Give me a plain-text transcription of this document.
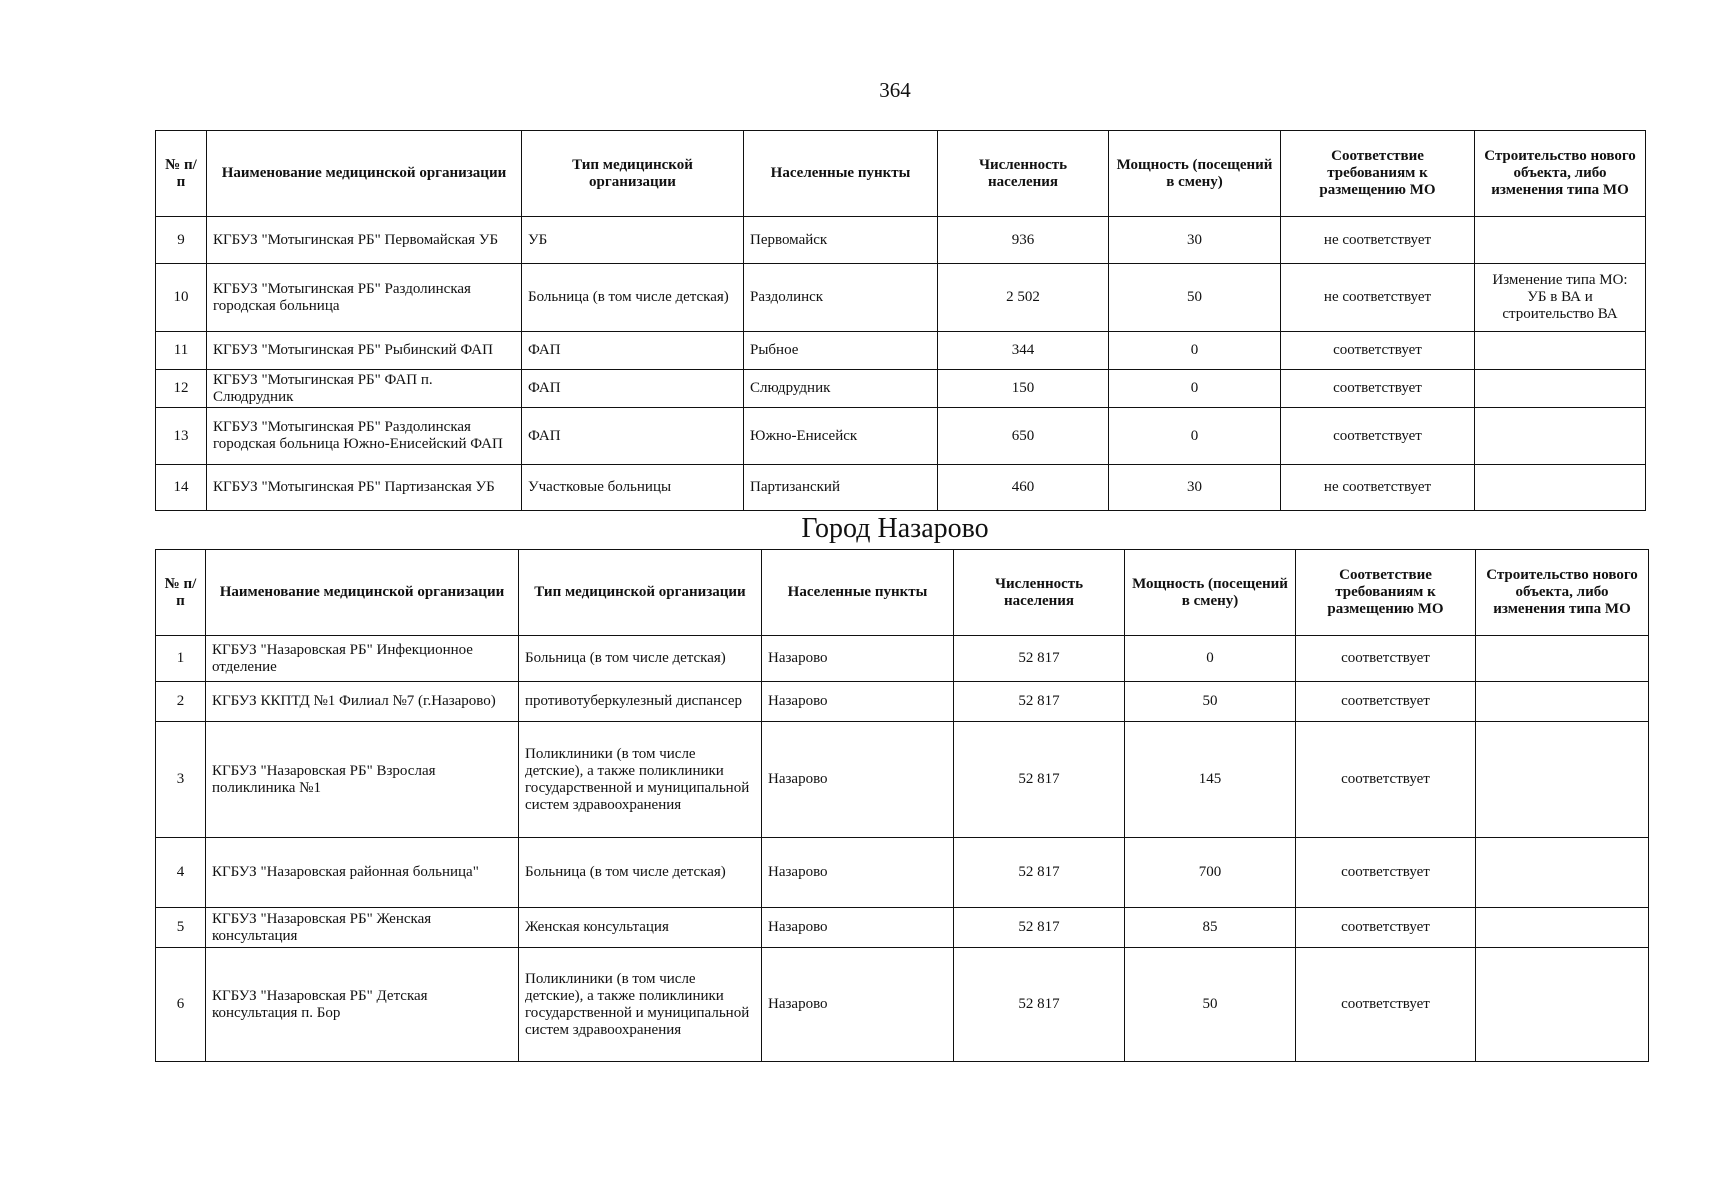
364
№ п/п	Наименование медицинской организации	Тип медицинской организации	Населенные пункты	Численность населения	Мощность (посещений в смену)	Соответствие требованиям к размещению МО	Строительство нового объекта, либо изменения типа МО
9	КГБУЗ "Мотыгинская РБ" Первомайская УБ	УБ	Первомайск	936	30	не соответствует	
10	КГБУЗ "Мотыгинская РБ" Раздолинская городская больница	Больница (в том числе детская)	Раздолинск	2 502	50	не соответствует	Изменение типа МО: УБ в ВА и строительство ВА
11	КГБУЗ "Мотыгинская РБ" Рыбинский ФАП	ФАП	Рыбное	344	0	соответствует	
12	КГБУЗ "Мотыгинская РБ" ФАП п. Слюдрудник	ФАП	Слюдрудник	150	0	соответствует	
13	КГБУЗ "Мотыгинская РБ" Раздолинская городская больница Южно-Енисейский ФАП	ФАП	Южно-Енисейск	650	0	соответствует	
14	КГБУЗ "Мотыгинская РБ" Партизанская УБ	Участковые больницы	Партизанский	460	30	не соответствует	
Город Назарово
№ п/п	Наименование медицинской организации	Тип медицинской организации	Населенные пункты	Численность населения	Мощность (посещений в смену)	Соответствие требованиям к размещению МО	Строительство нового объекта, либо изменения типа МО
1	КГБУЗ "Назаровская РБ" Инфекционное отделение	Больница (в том числе детская)	Назарово	52 817	0	соответствует	
2	КГБУЗ ККПТД №1 Филиал №7 (г.Назарово)	противотуберкулезный диспансер	Назарово	52 817	50	соответствует	
3	КГБУЗ "Назаровская РБ" Взрослая поликлиника №1	Поликлиники (в том числе детские), а также поликлиники государственной и муниципальной систем здравоохранения	Назарово	52 817	145	соответствует	
4	КГБУЗ "Назаровская районная больница"	Больница (в том числе детская)	Назарово	52 817	700	соответствует	
5	КГБУЗ "Назаровская РБ" Женская консультация	Женская консультация	Назарово	52 817	85	соответствует	
6	КГБУЗ "Назаровская РБ" Детская консультация п. Бор	Поликлиники (в том числе детские), а также поликлиники государственной и муниципальной систем здравоохранения	Назарово	52 817	50	соответствует	
